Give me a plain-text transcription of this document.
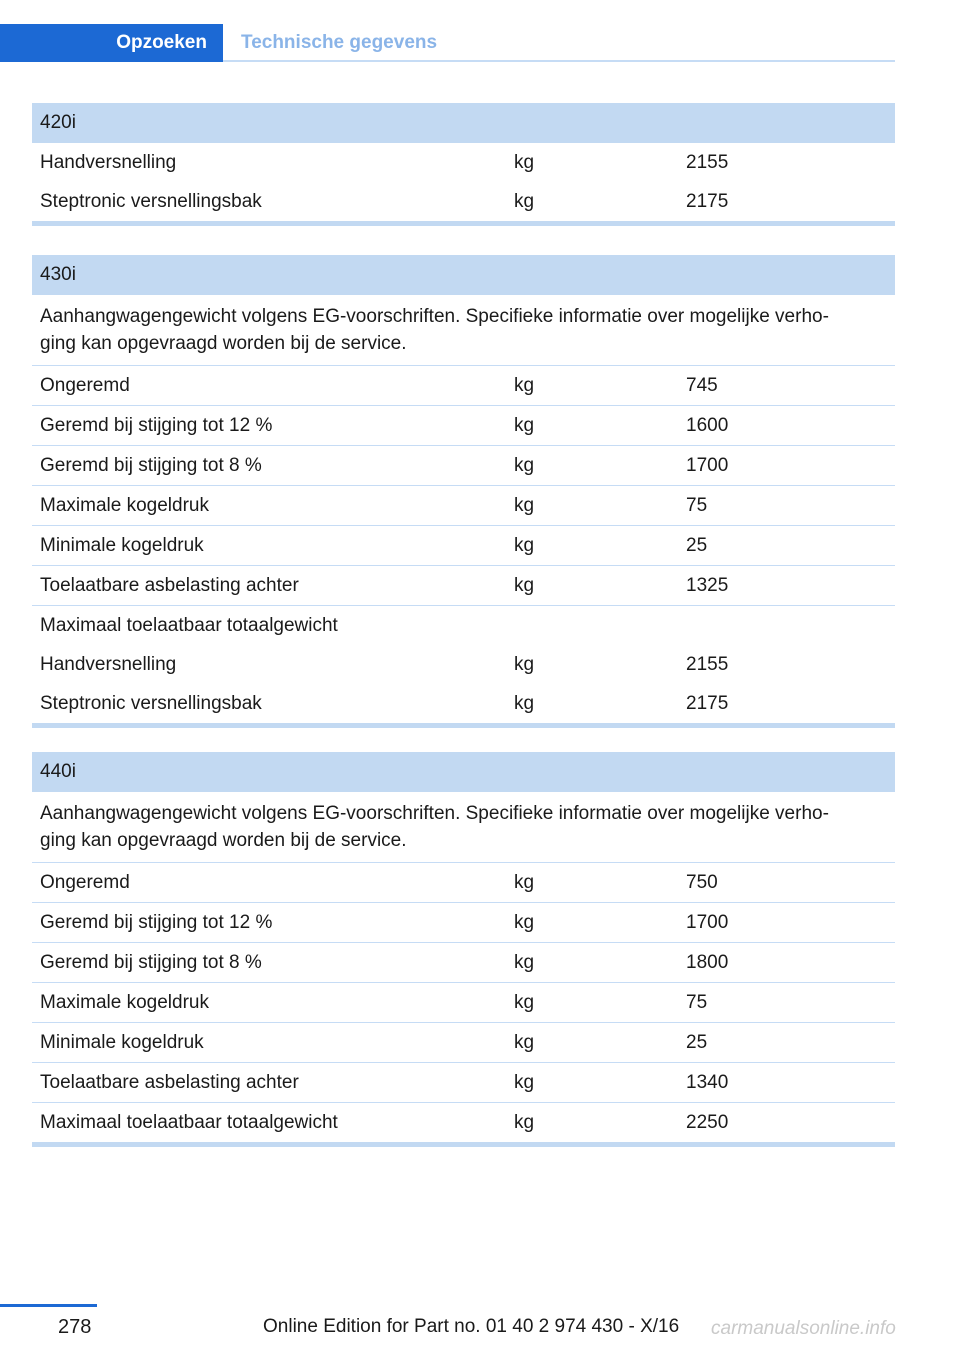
Opzoeken	Technische gegevens
420i
Handversnelling	kg	2155
Steptronic versnellingsbak	kg	2175
430i
Aanhangwagengewicht volgens EG-voorschriften. Specifieke informatie over mogelijke verho‐
ging kan opgevraagd worden bij de service.
Ongeremd	kg	745
Geremd bij stijging tot 12 %	kg	1600
Geremd bij stijging tot 8 %	kg	1700
Maximale kogeldruk	kg	75
Minimale kogeldruk	kg	25
Toelaatbare asbelasting achter	kg	1325
Maximaal toelaatbaar totaalgewicht
Handversnelling	kg	2155
Steptronic versnellingsbak	kg	2175
440i
Aanhangwagengewicht volgens EG-voorschriften. Specifieke informatie over mogelijke verho‐
ging kan opgevraagd worden bij de service.
Ongeremd	kg	750
Geremd bij stijging tot 12 %	kg	1700
Geremd bij stijging tot 8 %	kg	1800
Maximale kogeldruk	kg	75
Minimale kogeldruk	kg	25
Toelaatbare asbelasting achter	kg	1340
Maximaal toelaatbaar totaalgewicht	kg	2250
278	Online Edition for Part no. 01 40 2 974 430 - X/16 carmanualsonline.info
